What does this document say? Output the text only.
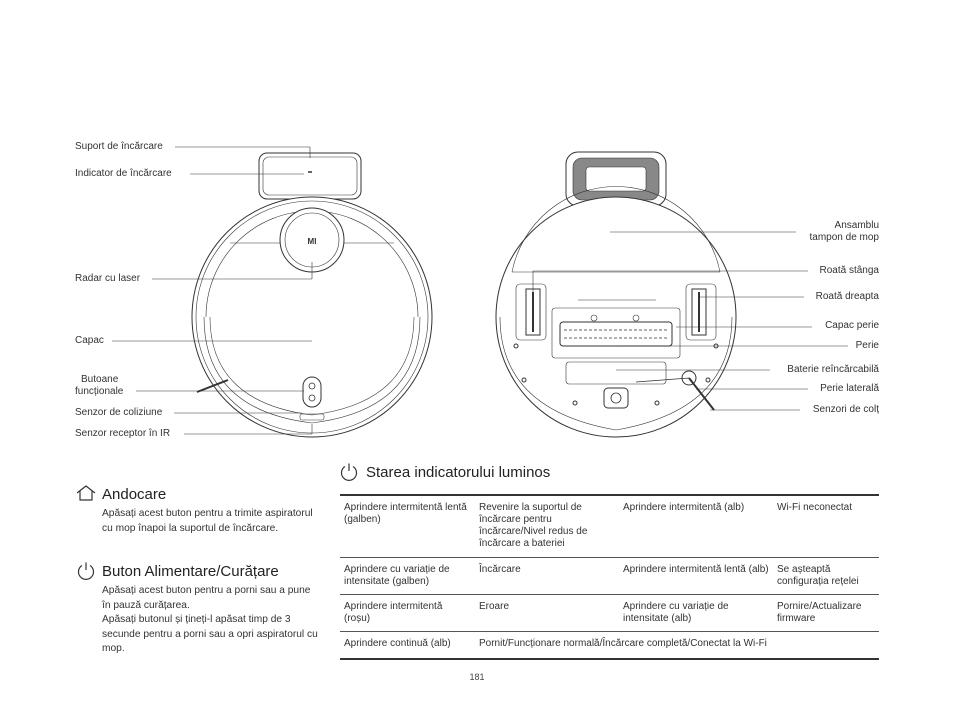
MI
Suport de încărcare
Indicator de încărcare
Radar cu laser
Capac
Butoane
funcționale
Senzor de coliziune
Senzor receptor în IR
Ansamblu
tampon de mop
Roată stânga
Roată dreapta
Capac perie
Perie
Baterie reîncărcabilă
Perie laterală
Senzori de colț
Andocare

Apăsați acest buton pentru a trimite aspiratorul cu mop înapoi la suportul de încărcare.

Buton Alimentare/Curățare

Apăsați acest buton pentru a porni sau a pune în pauză curățarea.

Apăsați butonul și țineți-l apăsat timp de 3 secunde pentru a porni sau a opri aspiratorul cu mop.

Starea indicatorului luminos
Aprindere intermitentă lentă (galben)	Revenire la suportul de încărcare pentru încărcare/Nivel redus de încărcare a bateriei	Aprindere intermitentă (alb)	Wi-Fi neconectat
Aprindere cu variație de intensitate (galben)	Încărcare	Aprindere intermitentă lentă (alb)	Se așteaptă configurația rețelei
Aprindere intermitentă (roșu)	Eroare	Aprindere cu variație de intensitate (alb)	Pornire/Actualizare firmware
Aprindere continuă (alb)	Pornit/Funcționare normală/Încărcare completă/Conectat la Wi-Fi		
181
